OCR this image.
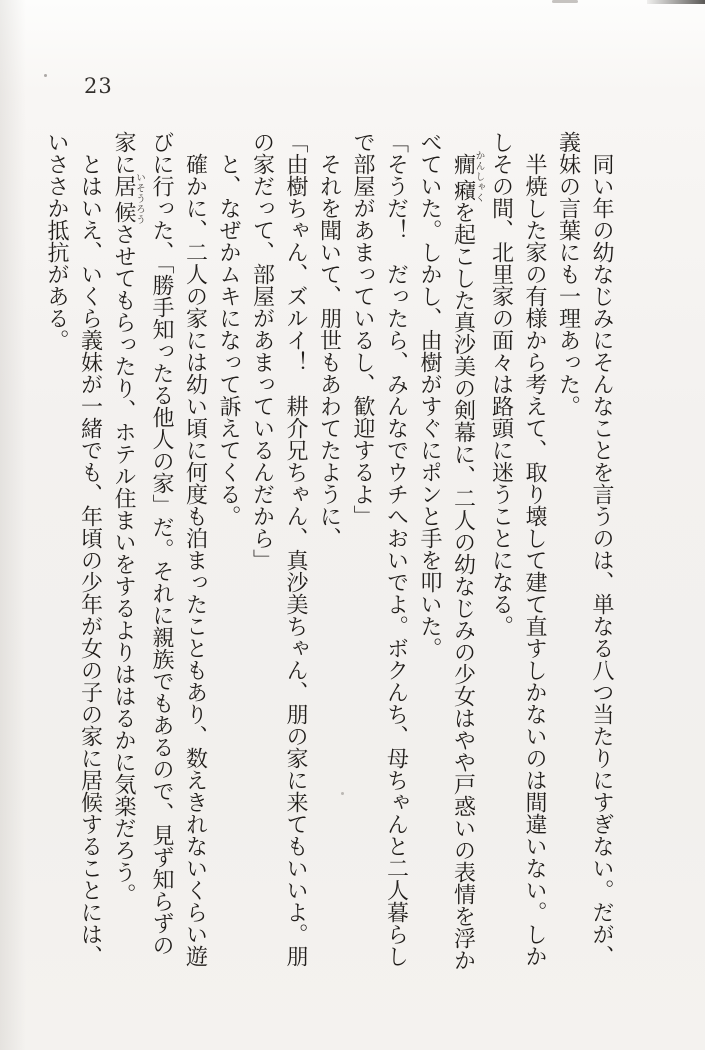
23
　同い年の幼なじみにそんなことを言うのは、単なる八つ当たりにすぎない。だが、
義妹の言葉にも一理あった。
　半焼した家の有様から考えて、取り壊して建て直すしかないのは間違いない。しか
しその間、北里家の面々は路頭に迷うことになる。
　癇癪かんしゃくを起こした真沙美の剣幕に、二人の幼なじみの少女はやや戸惑いの表情を浮か
べていた。しかし、由樹がすぐにポンと手を叩いた。
「そうだ！　だったら、みんなでウチへおいでよ。ボクんち、母ちゃんと二人暮らし
で部屋があまっているし、歓迎するよ」
　それを聞いて、朋世もあわてたように、
「由樹ちゃん、ズルイ！　耕介兄ちゃん、真沙美ちゃん、朋の家に来てもいいよ。朋
の家だって、部屋があまっているんだから」
　と、なぜかムキになって訴えてくる。
　確かに、二人の家には幼い頃に何度も泊まったこともあり、数えきれないくらい遊
びに行った、「勝手知ったる他人の家」だ。それに親族でもあるので、見ず知らずの
家に居候いそうろうさせてもらったり、ホテル住まいをするよりははるかに気楽だろう。
　とはいえ、いくら義妹が一緒でも、年頃の少年が女の子の家に居候することには、
いささか抵抗がある。
